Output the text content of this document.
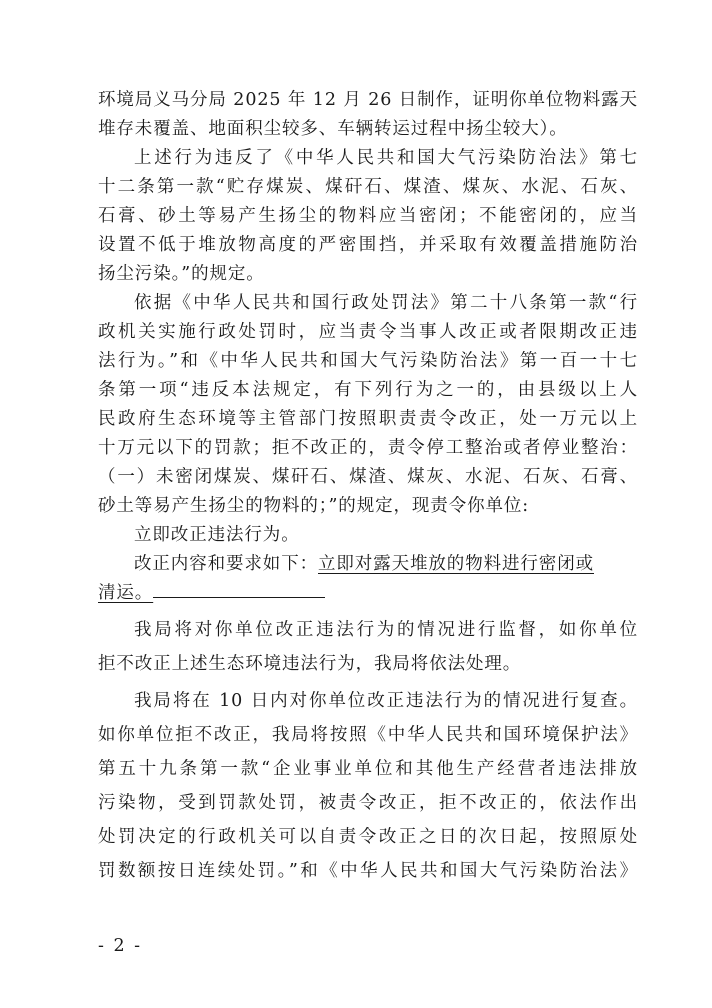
环境局义马分局 2025 年 12 月 26 日制作，证明你单位物料露天
堆存未覆盖、地面积尘较多、车辆转运过程中扬尘较大）。
上述行为违反了《中华人民共和国大气污染防治法》第七
十二条第一款“贮存煤炭、煤矸石、煤渣、煤灰、水泥、石灰、
石膏、砂土等易产生扬尘的物料应当密闭；不能密闭的，应当
设置不低于堆放物高度的严密围挡，并采取有效覆盖措施防治
扬尘污染。”的规定。
依据《中华人民共和国行政处罚法》第二十八条第一款“行
政机关实施行政处罚时，应当责令当事人改正或者限期改正违
法行为。”和《中华人民共和国大气污染防治法》第一百一十七
条第一项“违反本法规定，有下列行为之一的，由县级以上人
民政府生态环境等主管部门按照职责责令改正，处一万元以上
十万元以下的罚款；拒不改正的，责令停工整治或者停业整治：
（一）未密闭煤炭、煤矸石、煤渣、煤灰、水泥、石灰、石膏、
砂土等易产生扬尘的物料的；”的规定，现责令你单位:
立即改正违法行为。
改正内容和要求如下：立即对露天堆放的物料进行密闭或
清运。
我局将对你单位改正违法行为的情况进行监督，如你单位
拒不改正上述生态环境违法行为，我局将依法处理。
我局将在 10 日内对你单位改正违法行为的情况进行复查。
如你单位拒不改正，我局将按照《中华人民共和国环境保护法》
第五十九条第一款“企业事业单位和其他生产经营者违法排放
污染物，受到罚款处罚，被责令改正，拒不改正的，依法作出
处罚决定的行政机关可以自责令改正之日的次日起，按照原处
罚数额按日连续处罚。”和《中华人民共和国大气污染防治法》
- 2 -
